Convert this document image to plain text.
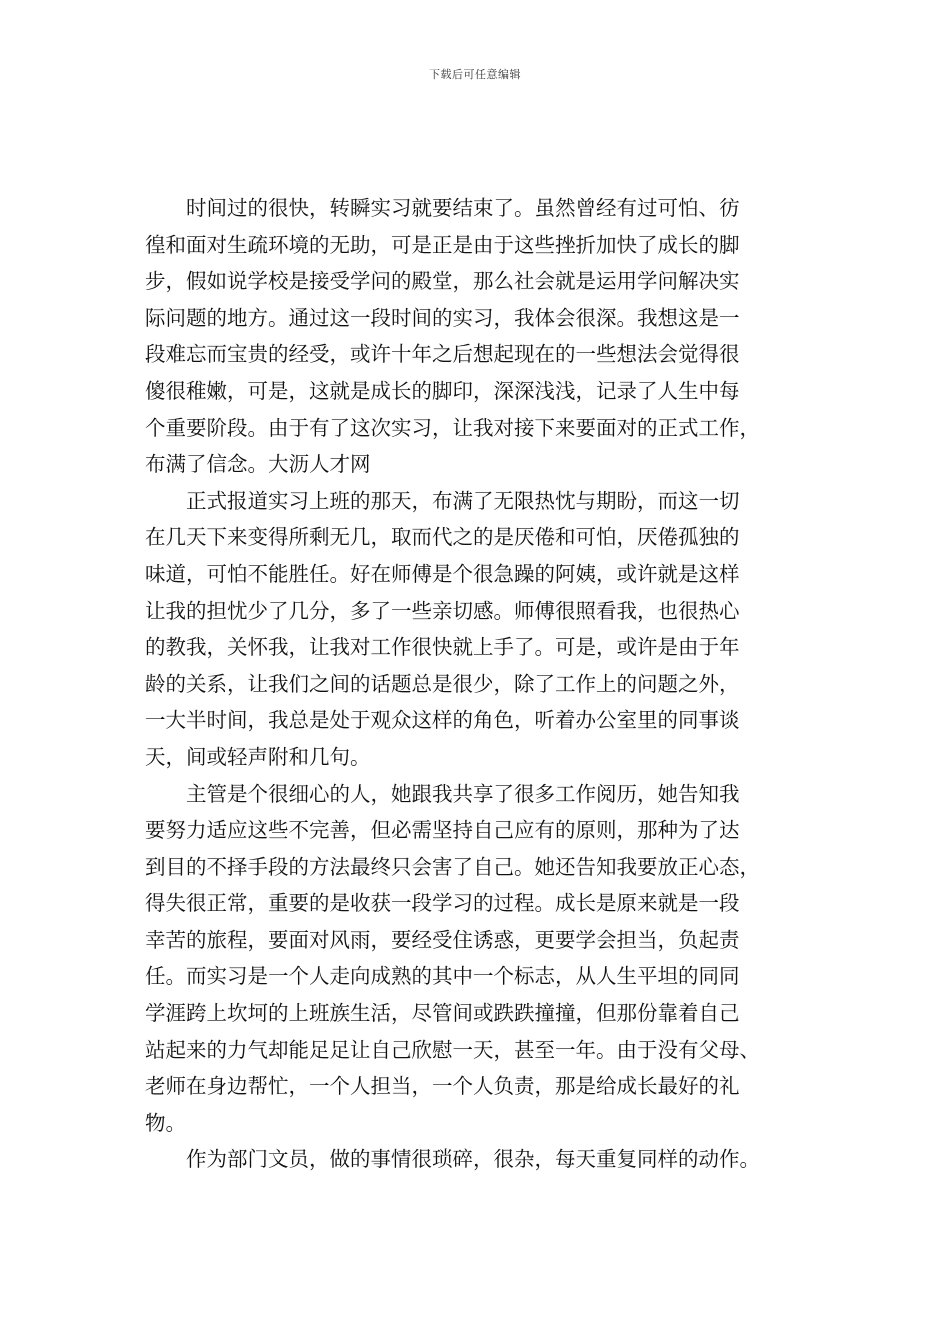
下载后可任意编辑
时间过的很快，转瞬实习就要结束了。虽然曾经有过可怕、彷
徨和面对生疏环境的无助，可是正是由于这些挫折加快了成长的脚
步，假如说学校是接受学问的殿堂，那么社会就是运用学问解决实
际问题的地方。通过这一段时间的实习，我体会很深。我想这是一
段难忘而宝贵的经受，或许十年之后想起现在的一些想法会觉得很
傻很稚嫩，可是，这就是成长的脚印，深深浅浅，记录了人生中每
个重要阶段。由于有了这次实习，让我对接下来要面对的正式工作，
布满了信念。大沥人才网
正式报道实习上班的那天，布满了无限热忱与期盼，而这一切
在几天下来变得所剩无几，取而代之的是厌倦和可怕，厌倦孤独的
味道，可怕不能胜任。好在师傅是个很急躁的阿姨，或许就是这样
让我的担忧少了几分，多了一些亲切感。师傅很照看我，也很热心
的教我，关怀我，让我对工作很快就上手了。可是，或许是由于年
龄的关系，让我们之间的话题总是很少，除了工作上的问题之外，
一大半时间，我总是处于观众这样的角色，听着办公室里的同事谈
天，间或轻声附和几句。
主管是个很细心的人，她跟我共享了很多工作阅历，她告知我
要努力适应这些不完善，但必需坚持自己应有的原则，那种为了达
到目的不择手段的方法最终只会害了自己。她还告知我要放正心态，
得失很正常，重要的是收获一段学习的过程。成长是原来就是一段
幸苦的旅程，要面对风雨，要经受住诱惑，更要学会担当，负起责
任。而实习是一个人走向成熟的其中一个标志，从人生平坦的同同
学涯跨上坎坷的上班族生活，尽管间或跌跌撞撞，但那份靠着自己
站起来的力气却能足足让自己欣慰一天，甚至一年。由于没有父母、
老师在身边帮忙，一个人担当，一个人负责，那是给成长最好的礼
物。
作为部门文员，做的事情很琐碎，很杂，每天重复同样的动作。
